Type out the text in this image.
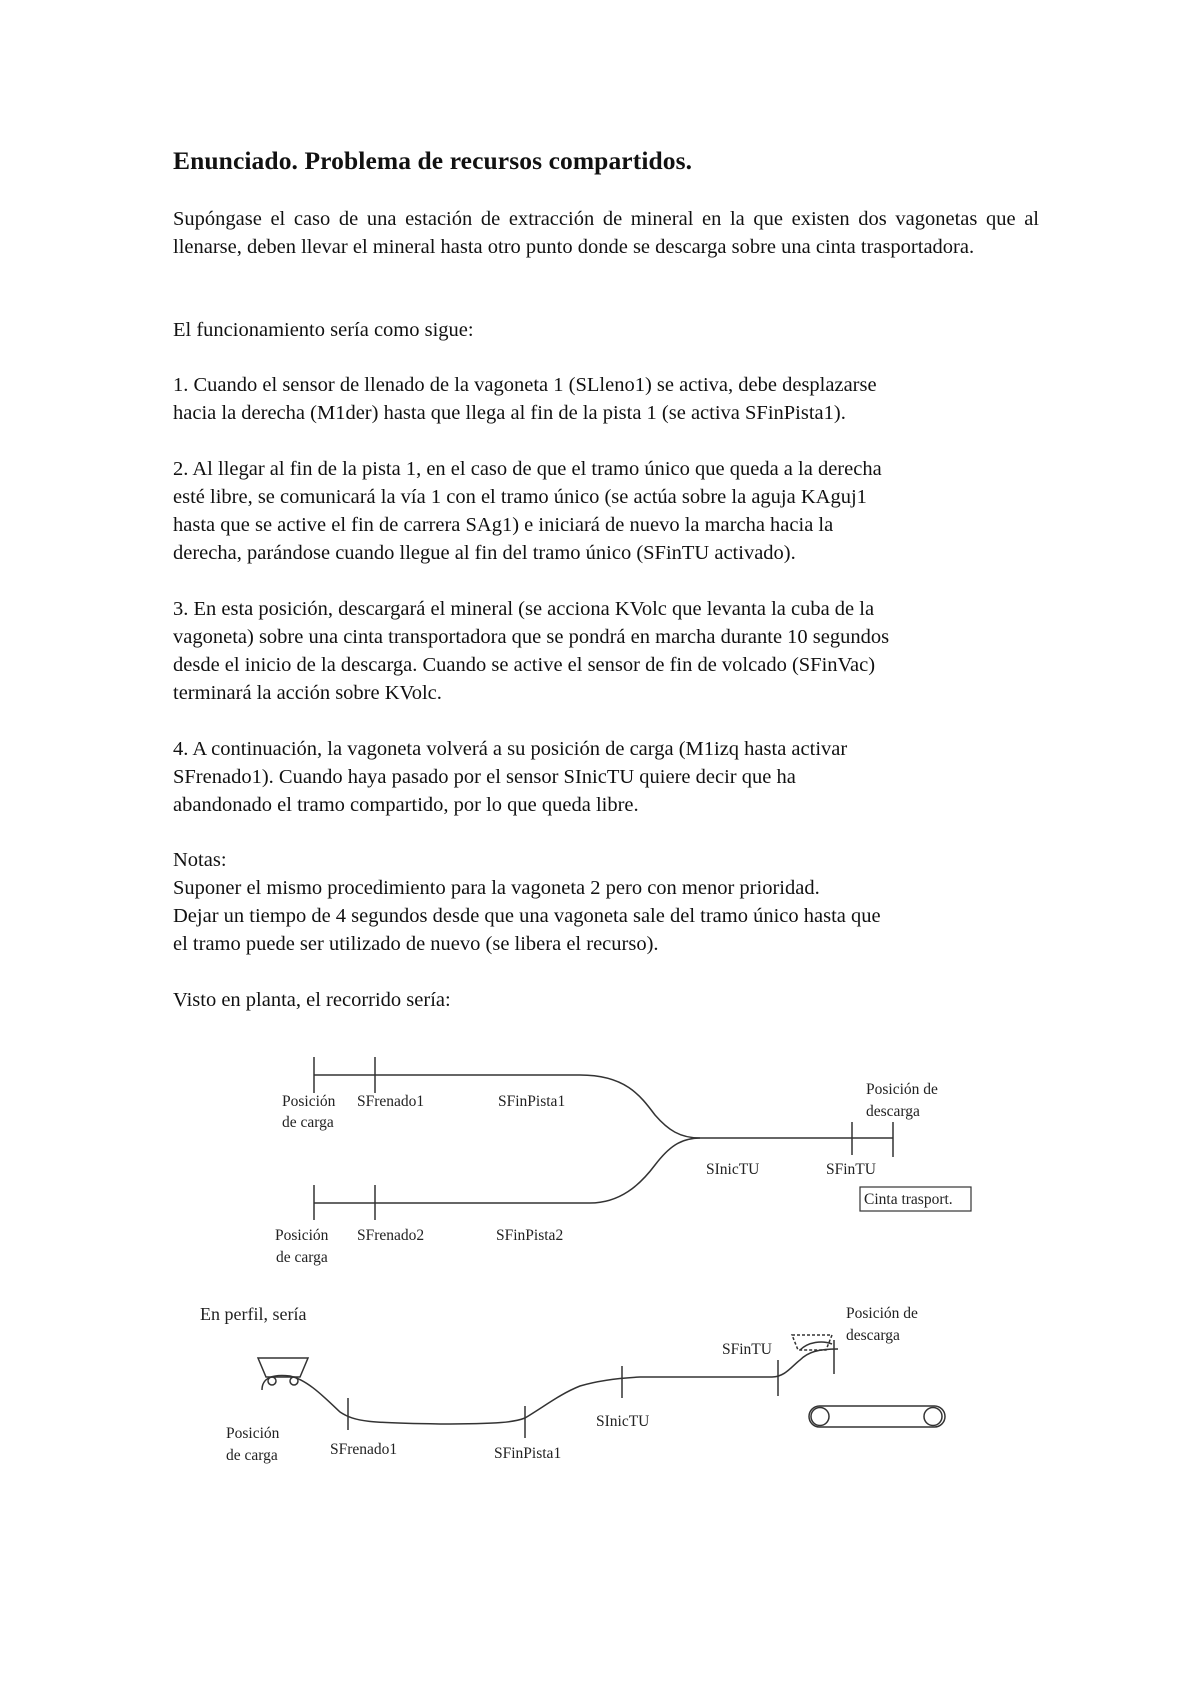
Enunciado. Problema de recursos compartidos.
Supóngase el caso de una estación de extracción de mineral en la que existen dos vagonetas que al llenarse, deben llevar el mineral hasta otro punto donde se descarga sobre una cinta trasportadora.
El funcionamiento sería como sigue:

1. Cuando el sensor de llenado de la vagoneta 1 (SLleno1) se activa, debe desplazarse

hacia la derecha (M1der) hasta que llega al fin de la pista 1 (se activa SFinPista1).

2. Al llegar al fin de la pista 1, en el caso de que el tramo único que queda a la derecha

esté libre, se comunicará la vía 1 con el tramo único (se actúa sobre la aguja KAguj1

hasta que se active el fin de carrera SAg1) e iniciará de nuevo la marcha hacia la

derecha, parándose cuando llegue al fin del tramo único (SFinTU activado).

3. En esta posición, descargará el mineral (se acciona KVolc que levanta la cuba de la

vagoneta) sobre una cinta transportadora que se pondrá en marcha durante 10 segundos

desde el inicio de la descarga. Cuando se active el sensor de fin de volcado (SFinVac)

terminará la acción sobre KVolc.

4. A continuación, la vagoneta volverá a su posición de carga (M1izq hasta activar

SFrenado1). Cuando haya pasado por el sensor SInicTU quiere decir que ha

abandonado el tramo compartido, por lo que queda libre.

Notas:

Suponer el mismo procedimiento para la vagoneta 2 pero con menor prioridad.

Dejar un tiempo de 4 segundos desde que una vagoneta sale del tramo único hasta que

el tramo puede ser utilizado de nuevo (se libera el recurso).

Visto en planta, el recorrido sería:
Posición
de carga
SFrenado1	SFinPista1
Posición de
descarga
SInicTU	SFinTU
Cinta trasport.
Posición
de carga
SFrenado2	SFinPista2
En perfil, sería	Posición de
descarga
SFinTU
SInicTU
Posición
de carga	SFrenado1	SFinPista1
